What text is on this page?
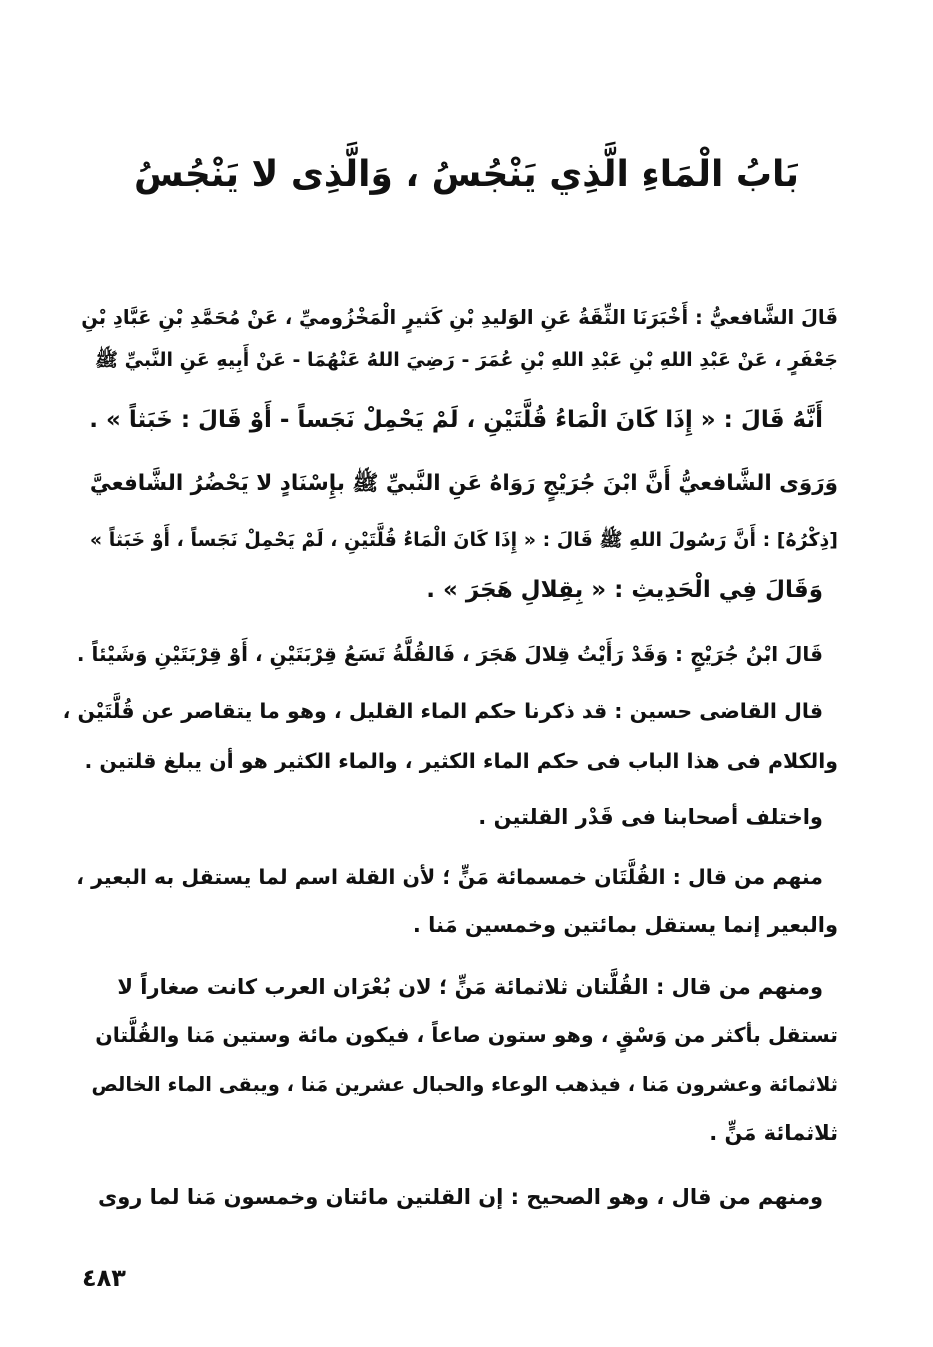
بَابُ الْمَاءِ الَّذِي يَنْجُسُ ، وَالَّذِى لا يَنْجُسُ
قَالَ الشَّافعيُّ : أَخْبَرَنَا الثِّقَةُ عَنِ الوَليدِ بْنِ كَثيرٍ الْمَخْزُوميِّ ، عَنْ مُحَمَّدِ بْنِ عَبَّادِ بْنِ
جَعْفَرٍ ، عَنْ عَبْدِ اللهِ بْنِ عَبْدِ اللهِ بْنِ عُمَرَ - رَضِيَ اللهُ عَنْهُمَا - عَنْ أَبِيهِ عَنِ النَّبيِّ ﷺ
أَنَّهُ قَالَ : « إِذَا كَانَ الْمَاءُ قُلَّتَيْنِ ، لَمْ يَحْمِلْ نَجَساً - أَوْ قَالَ : خَبَثاً » .
وَرَوَى الشَّافعيُّ أَنَّ ابْنَ جُرَيْجٍ رَوَاهُ عَنِ النَّبيِّ ﷺ بإِسْنَادٍ لا يَحْضُرُ الشَّافعيَّ
[ذِكْرُهُ] : أَنَّ رَسُولَ اللهِ ﷺ قَالَ : « إِذَا كَانَ الْمَاءُ قُلَّتَيْنِ ، لَمْ يَحْمِلْ نَجَساً ، أَوْ خَبَثاً »
وَقَالَ فِي الْحَدِيثِ : « بِقِلالِ هَجَرَ » .
قَالَ ابْنُ جُرَيْجٍ : وَقَدْ رَأَيْتُ قِلالَ هَجَرَ ، فَالقُلَّةُ تَسَعُ قِرْبَتَيْنِ ، أَوْ قِرْبَتَيْنِ وَشَيْئاً .
قال القاضى حسين : قد ذكرنا حكم الماء القليل ، وهو ما يتقاصر عن قُلَّتَيْن ،
والكلام فى هذا الباب فى حكم الماء الكثير ، والماء الكثير هو أن يبلغ قلتين .
واختلف أصحابنا فى قَدْر القلتين .
منهم من قال : القُلَّتَان خمسمائة مَنٍّ ؛ لأن القلة اسم لما يستقل به البعير ،
والبعير إنما يستقل بمائتين وخمسين مَنا .
ومنهم من قال : القُلَّتان ثلاثمائة مَنٍّ ؛ لان بُعْرَان العرب كانت صغاراً لا
تستقل بأكثر من وَسْقٍ ، وهو ستون صاعاً ، فيكون مائة وستين مَنا والقُلَّتان
ثلاثمائة وعشرون مَنا ، فيذهب الوعاء والحبال عشرين مَنا ، ويبقى الماء الخالص
ثلاثمائة مَنٍّ .
ومنهم من قال ، وهو الصحيح : إن القلتين مائتان وخمسون مَنا لما روى
٤٨٣
